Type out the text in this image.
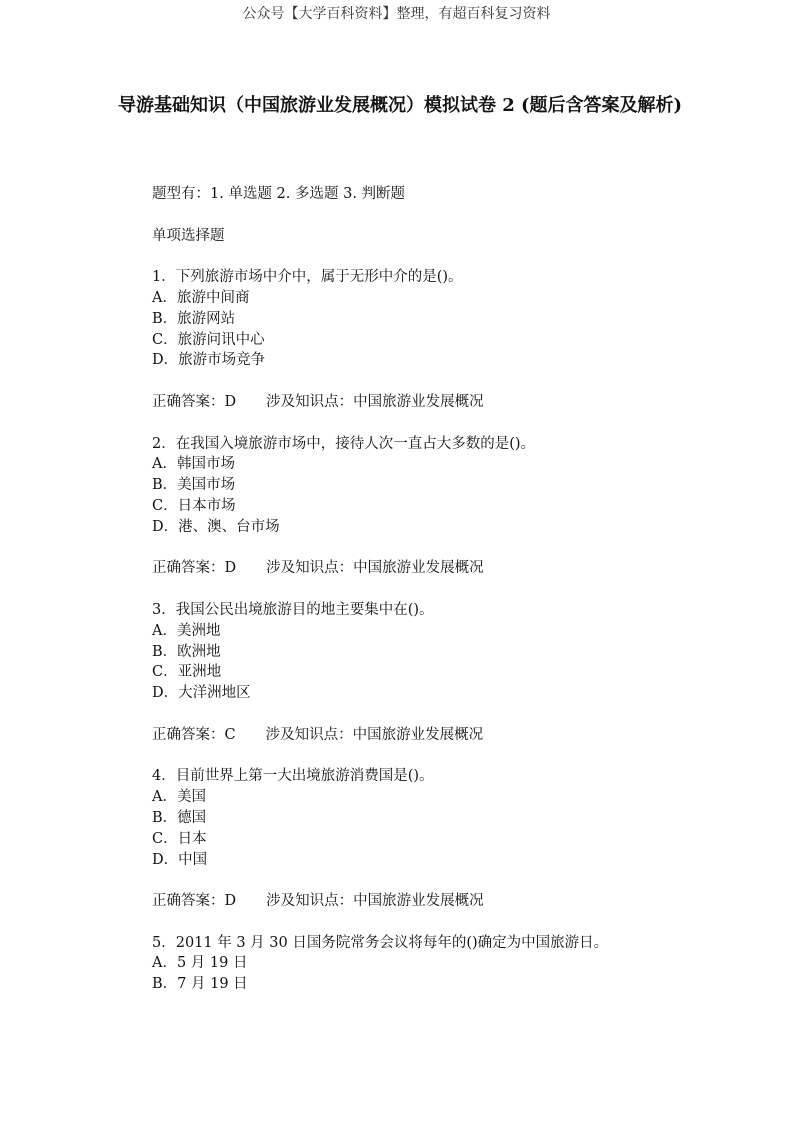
公众号【大学百科资料】整理，有超百科复习资料
导游基础知识（中国旅游业发展概况）模拟试卷 2 (题后含答案及解析)
题型有：1. 单选题 2. 多选题 3. 判断题
单项选择题
1．下列旅游市场中介中，属于无形中介的是()。
A．旅游中间商
B．旅游网站
C．旅游问讯中心
D．旅游市场竞争
正确答案：D 涉及知识点：中国旅游业发展概况
2．在我国入境旅游市场中，接待人次一直占大多数的是()。
A．韩国市场
B．美国市场
C．日本市场
D．港、澳、台市场
正确答案：D 涉及知识点：中国旅游业发展概况
3．我国公民出境旅游目的地主要集中在()。
A．美洲地
B．欧洲地
C．亚洲地
D．大洋洲地区
正确答案：C 涉及知识点：中国旅游业发展概况
4．目前世界上第一大出境旅游消费国是()。
A．美国
B．德国
C．日本
D．中国
正确答案：D 涉及知识点：中国旅游业发展概况
5．2011 年 3 月 30 日国务院常务会议将每年的()确定为中国旅游日。
A．5 月 19 日
B．7 月 19 日
